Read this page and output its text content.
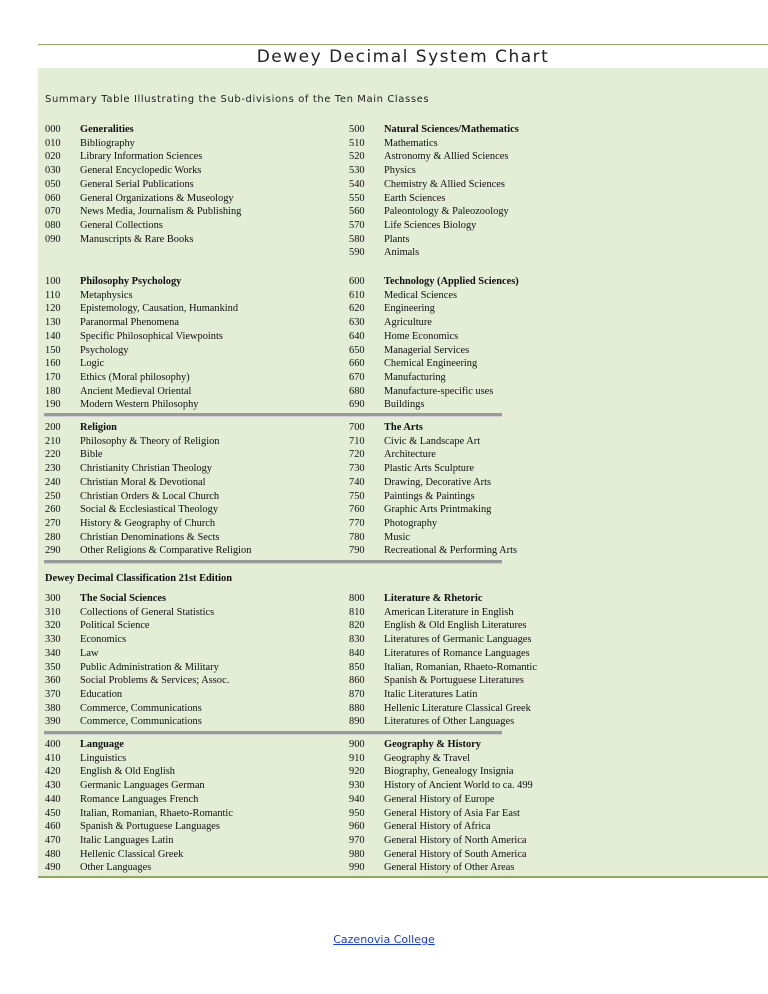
Dewey Decimal System Chart
Summary Table Illustrating the Sub-divisions of the Ten Main Classes
000 Generalities
010 Bibliography
020 Library Information Sciences
030 General Encyclopedic Works
050 General Serial Publications
060 General Organizations & Museology
070 News Media, Journalism & Publishing
080 General Collections
090 Manuscripts & Rare Books
500 Natural Sciences/Mathematics
510 Mathematics
520 Astronomy & Allied Sciences
530 Physics
540 Chemistry & Allied Sciences
550 Earth Sciences
560 Paleontology & Paleozoology
570 Life Sciences Biology
580 Plants
590 Animals
100 Philosophy Psychology
110 Metaphysics
120 Epistemology, Causation, Humankind
130 Paranormal Phenomena
140 Specific Philosophical Viewpoints
150 Psychology
160 Logic
170 Ethics (Moral philosophy)
180 Ancient Medieval Oriental
190 Modern Western Philosophy
600 Technology (Applied Sciences)
610 Medical Sciences
620 Engineering
630 Agriculture
640 Home Economics
650 Managerial Services
660 Chemical Engineering
670 Manufacturing
680 Manufacture-specific uses
690 Buildings
200 Religion
210 Philosophy & Theory of Religion
220 Bible
230 Christianity Christian Theology
240 Christian Moral & Devotional
250 Christian Orders & Local Church
260 Social & Ecclesiastical Theology
270 History & Geography of Church
280 Christian Denominations & Sects
290 Other Religions & Comparative Religion
700 The Arts
710 Civic & Landscape Art
720 Architecture
730 Plastic Arts Sculpture
740 Drawing, Decorative Arts
750 Paintings & Paintings
760 Graphic Arts Printmaking
770 Photography
780 Music
790 Recreational & Performing Arts
300 The Social Sciences
310 Collections of General Statistics
320 Political Science
330 Economics
340 Law
350 Public Administration & Military
360 Social Problems & Services; Assoc.
370 Education
380 Commerce, Communications
390 Commerce, Communications
800 Literature & Rhetoric
810 American Literature in English
820 English & Old English Literatures
830 Literatures of Germanic Languages
840 Literatures of Romance Languages
850 Italian, Romanian, Rhaeto-Romantic
860 Spanish & Portuguese Literatures
870 Italic Literatures Latin
880 Hellenic Literature Classical Greek
890 Literatures of Other Languages
400 Language
410 Linguistics
420 English & Old English
430 Germanic Languages German
440 Romance Languages French
450 Italian, Romanian, Rhaeto-Romantic
460 Spanish & Portuguese Languages
470 Italic Languages Latin
480 Hellenic Classical Greek
490 Other Languages
900 Geography & History
910 Geography & Travel
920 Biography, Genealogy Insignia
930 History of Ancient World to ca. 499
940 General History of Europe
950 General History of Asia Far East
960 General History of Africa
970 General History of North America
980 General History of South America
990 General History of Other Areas
Dewey Decimal Classification 21st Edition
Cazenovia College
